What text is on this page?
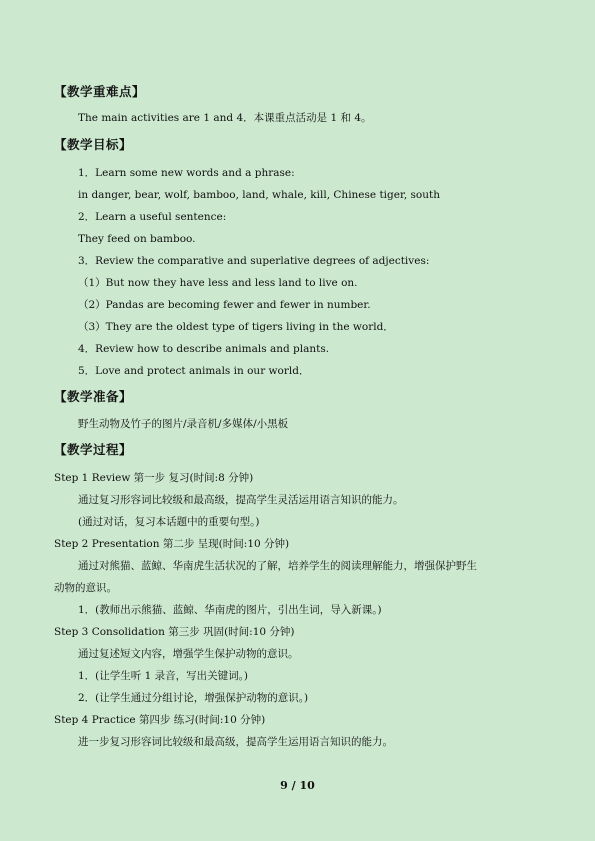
【教学重难点】
The main activities are 1 and 4．本课重点活动是 1 和 4。
【教学目标】
1．Learn some new words and a phrase:
in danger, bear, wolf, bamboo, land, whale, kill, Chinese tiger, south
2．Learn a useful sentence:
They feed on bamboo.
3．Review the comparative and superlative degrees of adjectives:
（1）But now they have less and less land to live on.
（2）Pandas are becoming fewer and fewer in number.
（3）They are the oldest type of tigers living in the world．
4．Review how to describe animals and plants.
5．Love and protect animals in our world．
【教学准备】
野生动物及竹子的图片/录音机/多媒体/小黑板
【教学过程】
Step 1 Review 第一步 复习(时间:8 分钟)
通过复习形容词比较级和最高级，提高学生灵活运用语言知识的能力。
(通过对话，复习本话题中的重要句型。)
Step 2 Presentation 第二步 呈现(时间:10 分钟)
通过对熊猫、蓝鲸、华南虎生活状况的了解，培养学生的阅读理解能力，增强保护野生
动物的意识。
1．(教师出示熊猫、蓝鲸、华南虎的图片，引出生词，导入新课。)
Step 3 Consolidation 第三步 巩固(时间:10 分钟)
通过复述短文内容，增强学生保护动物的意识。
1．(让学生听 1 录音，写出关键词。)
2．(让学生通过分组讨论，增强保护动物的意识。)
Step 4 Practice 第四步 练习(时间:10 分钟)
进一步复习形容词比较级和最高级，提高学生运用语言知识的能力。
9 / 10
